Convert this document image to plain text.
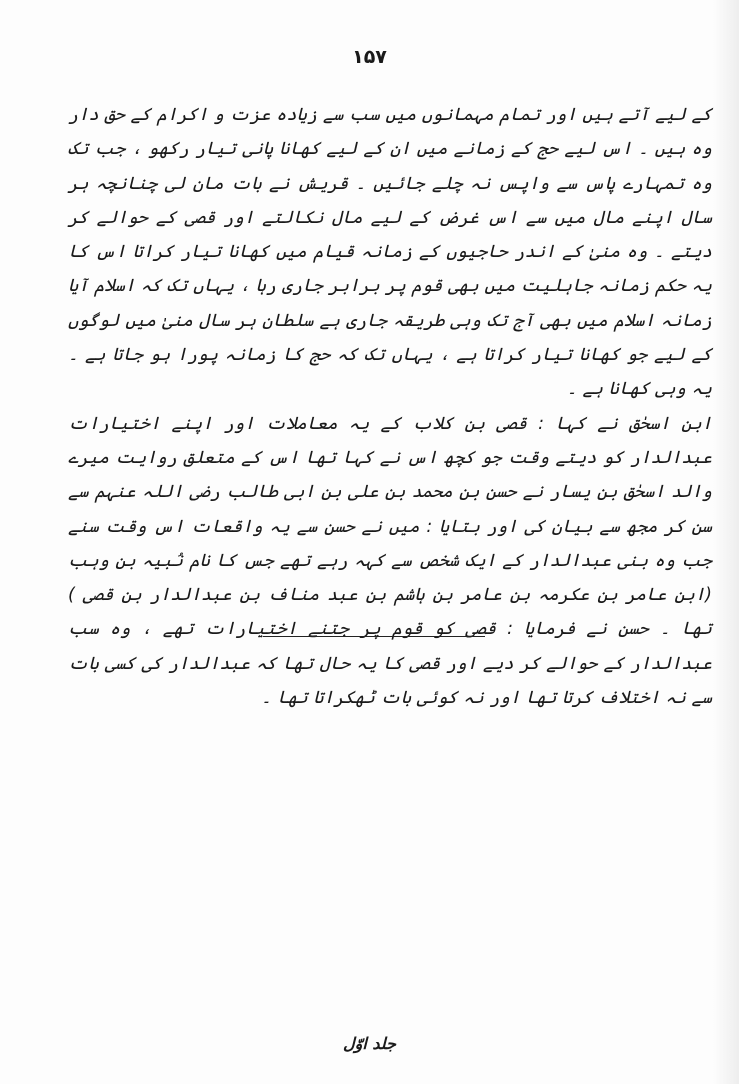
۱۵۷

کے لیے آتے ہیں اور تمام مہمانوں میں سب سے زیادہ عزت و اکرام کے حق دار وہ ہیں ۔ اس لیے حج کے زمانے میں ان کے لیے کھانا پانی تیار رکھو ، جب تک وہ تمہارے پاس سے واپس نہ چلے جائیں ۔ قریش نے بات مان لی چنانچہ ہر سال اپنے مال میں سے اس غرض کے لیے مال نکالتے اور قصی کے حوالے کر دیتے ۔ وہ منیٰ کے اندر حاجیوں کے زمانہ قیام میں کھانا تیار کراتا اس کا یہ حکم زمانہ جاہلیت میں بھی قوم پر برابر جاری رہا ، یہاں تک کہ اسلام آیا زمانہ اسلام میں بھی آج تک وہی طریقہ جاری ہے سلطان ہر سال منیٰ میں لوگوں کے لیے جو کھانا تیار کراتا ہے ، یہاں تک کہ حج کا زمانہ پورا ہو جاتا ہے ۔ یہ وہی کھانا ہے ۔

ابن اسحٰق نے کہا : قصی بن کلاب کے یہ معاملات اور اپنے اختیارات عبدالدار کو دیتے وقت جو کچھ اس نے کہا تھا اس کے متعلق روایت میرے والد اسحٰق بن یسار نے حسن بن محمد بن علی بن ابی طالب رضی اللہ عنہم سے سن کر مجھ سے بیان کی اور بتایا : میں نے حسن سے یہ واقعات اس وقت سنے جب وہ بنی عبدالدار کے ایک شخص سے کہہ رہے تھے جس کا نام نُبیہ بن وہب (ابن عامر بن عکرمہ بن عامر بن ہاشم بن عبد مناف بن عبدالدار بن قصی ) تھا ۔ حسن نے فرمایا : قصی کو قوم پر جتنے اختیارات تھے ، وہ سب عبدالدار کے حوالے کر دیے اور قصی کا یہ حال تھا کہ عبدالدار کی کسی بات سے نہ اختلاف کرتا تھا اور نہ کوئی بات ٹھکراتا تھا ۔

جلد اوّل
